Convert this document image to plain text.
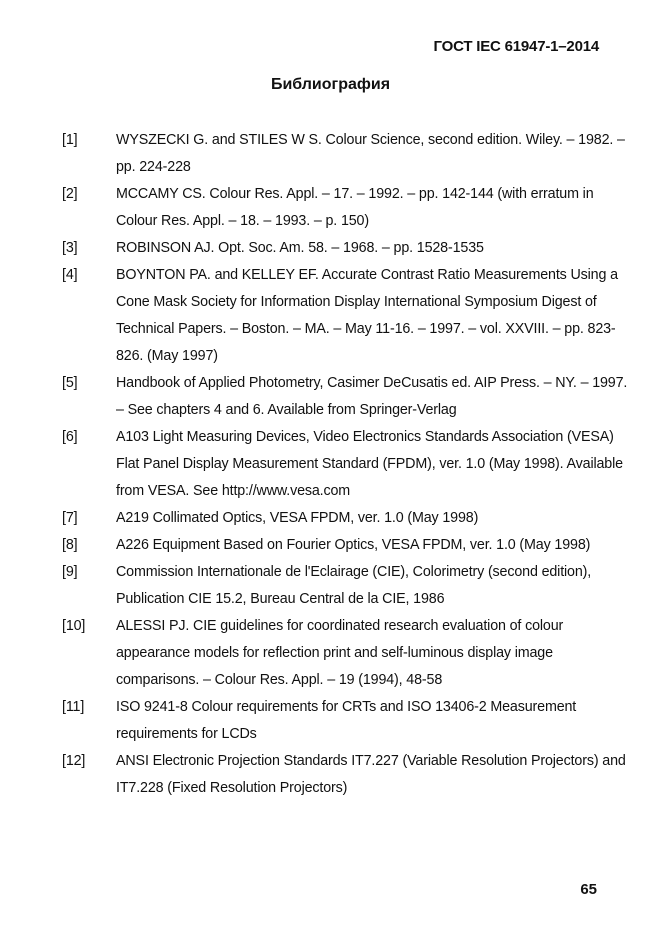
ГОСТ IEC 61947-1–2014
Библиография
[1]	WYSZECKI G. and STILES W S. Colour Science, second edition. Wiley. – 1982. – pp. 224-228
[2]	MCCAMY CS. Colour Res. Appl. – 17. – 1992. – pp. 142-144 (with erratum in Colour Res. Appl. – 18. – 1993. – p. 150)
[3]	ROBINSON AJ. Opt. Soc. Am. 58. – 1968. – pp. 1528-1535
[4]	BOYNTON PA. and KELLEY EF. Accurate Contrast Ratio Measurements Using a Cone Mask Society for Information Display International Symposium Digest of Technical Papers. – Boston. – MA. – May 11-16. – 1997. – vol. XXVIII. – pp. 823-826. (May 1997)
[5]	Handbook of Applied Photometry, Casimer DeCusatis ed. AIP Press. – NY. – 1997. – See chapters 4 and 6. Available from Springer-Verlag
[6]	A103 Light Measuring Devices, Video Electronics Standards Association (VESA) Flat Panel Display Measurement Standard (FPDM), ver. 1.0 (May 1998). Available from VESA. See http://www.vesa.com
[7]	A219 Collimated Optics, VESA FPDM, ver. 1.0 (May 1998)
[8]	A226 Equipment Based on Fourier Optics, VESA FPDM, ver. 1.0 (May 1998)
[9]	Commission Internationale de l'Eclairage (CIE), Colorimetry (second edition), Publication CIE 15.2, Bureau Central de la CIE, 1986
[10]	ALESSI PJ. CIE guidelines for coordinated research evaluation of colour appearance models for reflection print and self-luminous display image comparisons. – Colour Res. Appl. – 19 (1994), 48-58
[11]	ISO 9241-8 Colour requirements for CRTs and ISO 13406-2 Measurement requirements for LCDs
[12]	ANSI Electronic Projection Standards IT7.227 (Variable Resolution Projectors) and IT7.228 (Fixed Resolution Projectors)
65
